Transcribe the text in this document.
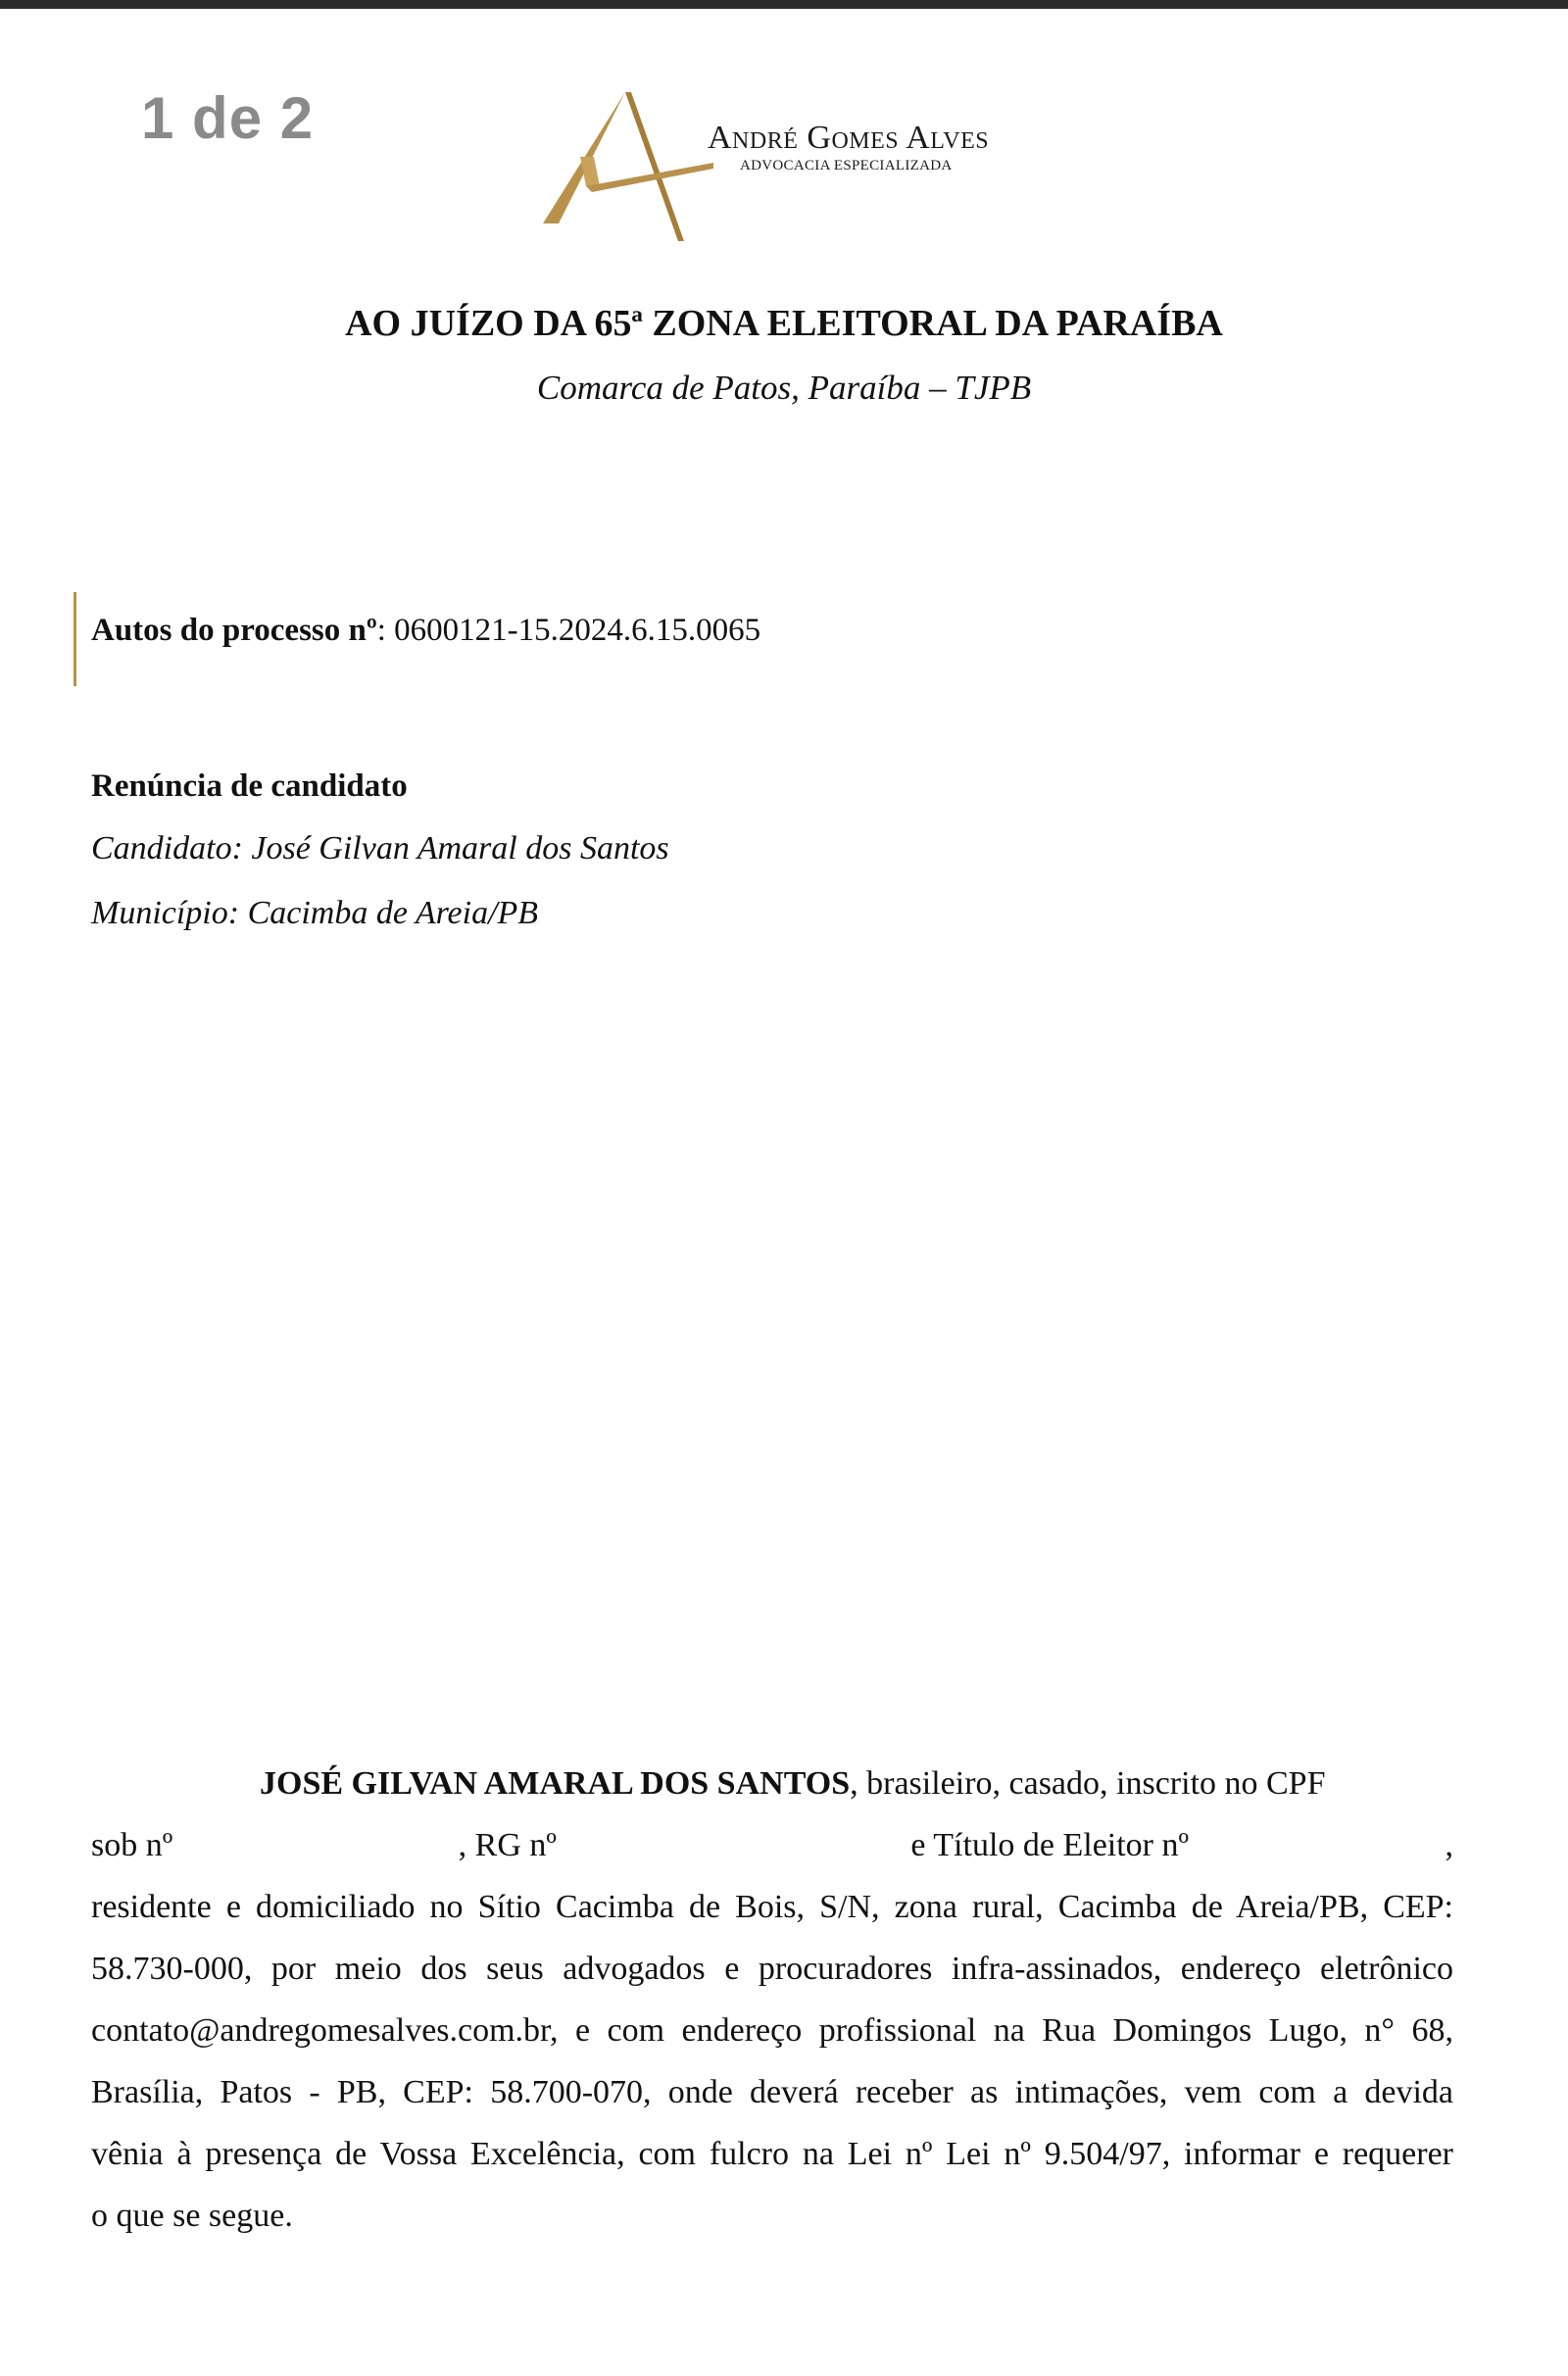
1 de 2	André Gomes Alves
ADVOCACIA ESPECIALIZADA
AO JUÍZO DA 65ª ZONA ELEITORAL DA PARAÍBA
Comarca de Patos, Paraíba – TJPB
Autos do processo nº: 0600121-15.2024.6.15.0065
Renúncia de candidato
Candidato: José Gilvan Amaral dos Santos
Município: Cacimba de Areia/PB
JOSÉ GILVAN AMARAL DOS SANTOS, brasileiro, casado, inscrito no CPF
sob nº	, RG nº	e Título de Eleitor nº	,
residente e domiciliado no Sítio Cacimba de Bois, S/N, zona rural, Cacimba de Areia/PB, CEP:
58.730-000, por meio dos seus advogados e procuradores infra-assinados, endereço eletrônico
contato@andregomesalves.com.br, e com endereço profissional na Rua Domingos Lugo, n° 68,
Brasília, Patos - PB, CEP: 58.700-070, onde deverá receber as intimações, vem com a devida
vênia à presença de Vossa Excelência, com fulcro na Lei nº Lei nº 9.504/97, informar e requerer
o que se segue.
